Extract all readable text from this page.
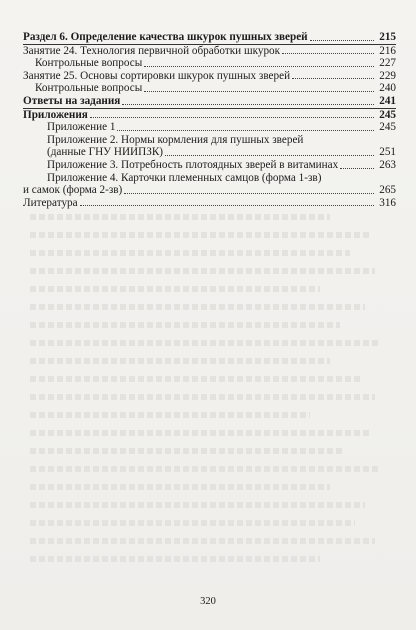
Раздел 6. Определение качества шкурок пушных зверей	215
Занятие 24. Технология первичной обработки шкурок	216
Контрольные вопросы	227
Занятие 25. Основы сортировки шкурок пушных зверей	229
Контрольные вопросы	240
Ответы на задания	241
Приложения	245
Приложение 1	245
Приложение 2. Нормы кормления для пушных зверей
(данные ГНУ НИИПЗК)	251
Приложение 3. Потребность плотоядных зверей в витаминах	263
Приложение 4. Карточки племенных самцов (форма 1-зв)
и самок (форма 2-зв)	265
Литература	316
320
